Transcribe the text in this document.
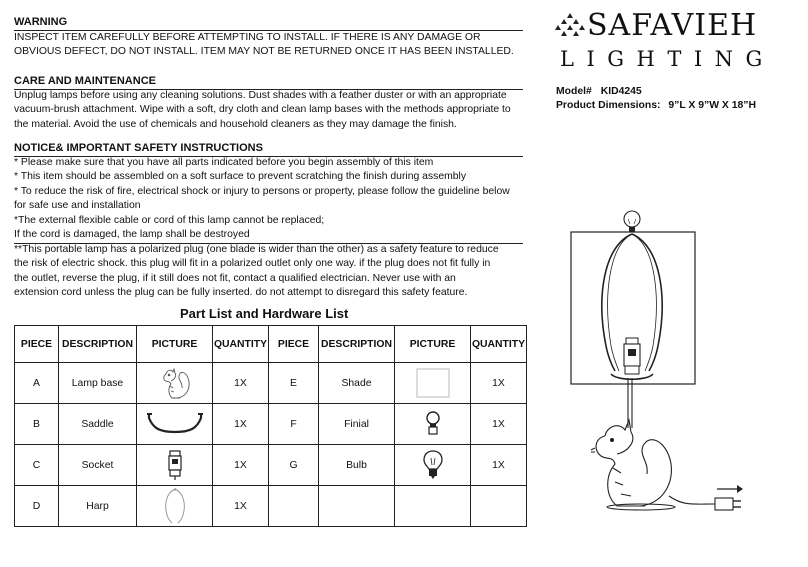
WARNING
INSPECT ITEM CAREFULLY BEFORE ATTEMPTING TO INSTALL. IF THERE IS ANY DAMAGE OR
OBVIOUS DEFECT, DO NOT INSTALL. ITEM MAY NOT BE RETURNED ONCE IT HAS BEEN INSTALLED.
CARE AND MAINTENANCE
Unplug lamps before using any cleaning solutions. Dust shades with a feather duster or with an appropriate
vacuum-brush attachment. Wipe with a soft, dry cloth and clean lamp bases with the methods appropriate to
the material. Avoid the use of chemicals and household cleaners as they may damage the finish.
NOTICE& IMPORTANT SAFETY INSTRUCTIONS
* Please make sure that you have all parts indicated before you begin assembly of this item
* This item should be assembled on a soft surface to prevent scratching the finish during assembly
* To reduce the risk of fire, electrical shock or injury to persons or property, please follow the guideline below
for safe use and installation
*The external flexible cable or cord of this lamp cannot be replaced;
If the cord is damaged, the lamp shall be destroyed
**This portable lamp has a polarized plug (one blade is wider than the other) as a safety feature to reduce
the risk of electric shock. this plug will fit in a polarized outlet only one way. if the plug does not fit fully in
the outlet, reverse the plug, if it still does not fit, contact a qualified electrician. Never use with an
extension cord unless the plug can be fully inserted. do not attempt to disregard this safety feature.
SAFAVIEH
LIGHTING
Model# KID4245
Product Dimensions: 9”L X 9”W X 18”H
Part List and Hardware List
PIECE	DESCRIPTION	PICTURE	QUANTITY	PIECE	DESCRIPTION	PICTURE	QUANTITY
A	Lamp base		1X	E	Shade		1X
B	Saddle		1X	F	Finial		1X
C	Socket		1X	G	Bulb		1X
D	Harp		1X				
